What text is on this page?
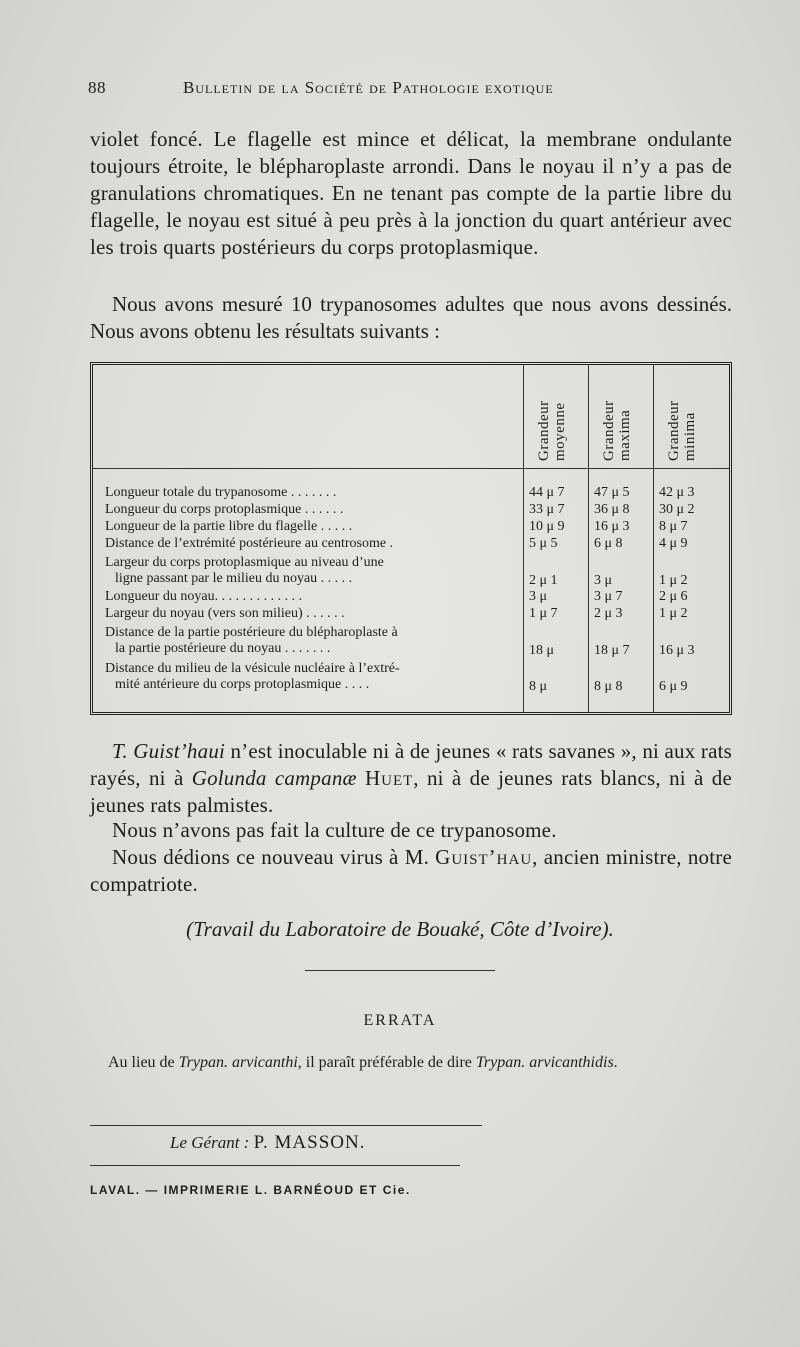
88	Bulletin de la Société de Pathologie exotique
violet foncé. Le flagelle est mince et délicat, la membrane ondulante toujours étroite, le blépharoplaste arrondi. Dans le noyau il n’y a pas de granulations chromatiques. En ne tenant pas compte de la partie libre du flagelle, le noyau est situé à peu près à la jonction du quart antérieur avec les trois quarts postérieurs du corps protoplasmique.
Nous avons mesuré 10 trypanosomes adultes que nous avons dessinés. Nous avons obtenu les résultats suivants :
Grandeur moyenne	Grandeur maxima	Grandeur minima
Longueur totale du trypanosome . . . . . . .	44 μ 7	47 μ 5	42 μ 3
Longueur du corps protoplasmique . . . . . .	33 μ 7	36 μ 8	30 μ 2
Longueur de la partie libre du flagelle . . . . .	10 μ 9	16 μ 3	8 μ 7
Distance de l’extrémité postérieure au centrosome .	5 μ 5	6 μ 8	4 μ 9
Largeur du corps protoplasmique au niveau d’une
ligne passant par le milieu du noyau . . . . .	2 μ 1	3 μ	1 μ 2
Longueur du noyau. . . . . . . . . . . . .	3 μ	3 μ 7	2 μ 6
Largeur du noyau (vers son milieu) . . . . . .	1 μ 7	2 μ 3	1 μ 2
Distance de la partie postérieure du blépharoplaste à
la partie postérieure du noyau . . . . . . .	18 μ	18 μ 7	16 μ 3
Distance du milieu de la vésicule nucléaire à l’extré-
mité antérieure du corps protoplasmique . . . .	8 μ	8 μ 8	6 μ 9
T. Guist’haui n’est inoculable ni à de jeunes « rats savanes », ni aux rats rayés, ni à Golunda campanæ Huet, ni à de jeunes rats blancs, ni à de jeunes rats palmistes.
Nous n’avons pas fait la culture de ce trypanosome.
Nous dédions ce nouveau virus à M. Guist’hau, ancien ministre, notre compatriote.
(Travail du Laboratoire de Bouaké, Côte d’Ivoire).
ERRATA
Au lieu de Trypan. arvicanthi, il paraît préférable de dire Trypan. arvicanthidis.
Le Gérant : P. MASSON.
LAVAL. — IMPRIMERIE L. BARNÉOUD ET Cie.
